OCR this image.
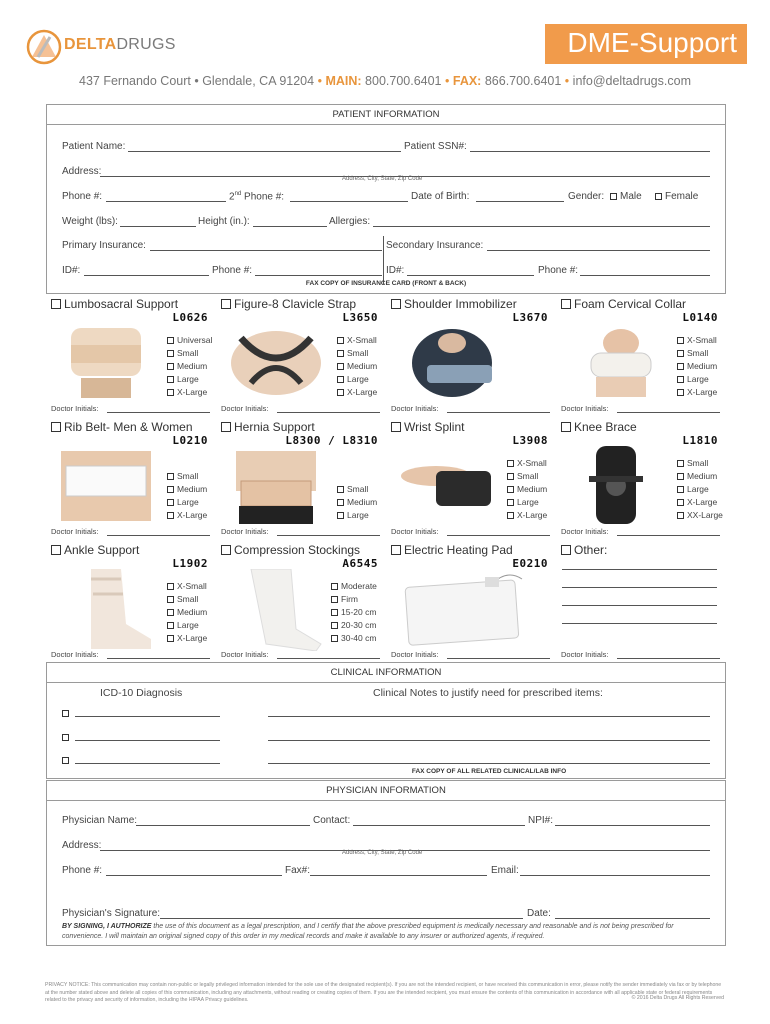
DELTADRUGS	DME-Support
437 Fernando Court • Glendale, CA 91204 • MAIN: 800.700.6401 • FAX: 866.700.6401 • info@deltadrugs.com
PATIENT INFORMATION
Patient Name:	Patient SSN#:
Address:
Address, City, State, Zip Code
Phone #:	2nd Phone #:	Date of Birth:	Gender:	Male	Female
Weight (lbs):	Height (in.):	Allergies:
Primary Insurance:	Secondary Insurance:
ID#:	Phone #:	ID#:	Phone #:
FAX COPY OF INSURANCE CARD (FRONT & BACK)
Lumbosacral Support
L0626
Universal
Small
Medium
Large
X-Large
Doctor Initials:
Figure-8 Clavicle Strap
L3650
X-Small
Small
Medium
Large
X-Large
Doctor Initials:
Shoulder Immobilizer
L3670
Doctor Initials:
Foam Cervical Collar
L0140
X-Small
Small
Medium
Large
X-Large
Doctor Initials:
Rib Belt- Men & Women
L0210
Small
Medium
Large
X-Large
Doctor Initials:
Hernia Support
L8300 / L8310
Small
Medium
Large
Doctor Initials:
Wrist Splint
L3908
X-Small
Small
Medium
Large
X-Large
Doctor Initials:
Knee Brace
L1810
Small
Medium
Large
X-Large
XX-Large
Doctor Initials:
Ankle Support
L1902
X-Small
Small
Medium
Large
X-Large
Doctor Initials:
Compression Stockings
A6545
Moderate
Firm
15-20 cm
20-30 cm
30-40 cm
Doctor Initials:
Electric Heating Pad
E0210
Doctor Initials:
Other:
Doctor Initials:
CLINICAL INFORMATION
ICD-10 Diagnosis	Clinical Notes to justify need for prescribed items:
FAX COPY OF ALL RELATED CLINICAL/LAB INFO
PHYSICIAN INFORMATION
Physician Name:	Contact:	NPI#:
Address:
Address, City, State, Zip Code
Phone #:	Fax#:	Email:
Physician's Signature:	Date:
BY SIGNING, I AUTHORIZE the use of this document as a legal prescription, and I certify that the above prescribed equipment is medically necessary and reasonable and is not being prescribed for convenience. I will maintain an original signed copy of this order in my medical records and make it available to any insurer or authorized agents, if required.
PRIVACY NOTICE: This communication may contain non-public or legally privileged information intended for the sole use of the designated recipient(s). If you are not the intended recipient, or have received this communication in error, please notify the sender immediately via fax or by telephone at the number stated above and delete all copies of this communication, including any attachments, without reading or creating copies of them. If you are the intended recipient, you must ensure the contents of this communication in accordance with all applicable state or federal requirements related to the privacy and security of information, including the HIPAA Privacy guidelines.	© 2016 Delta Drugs All Rights Reserved
